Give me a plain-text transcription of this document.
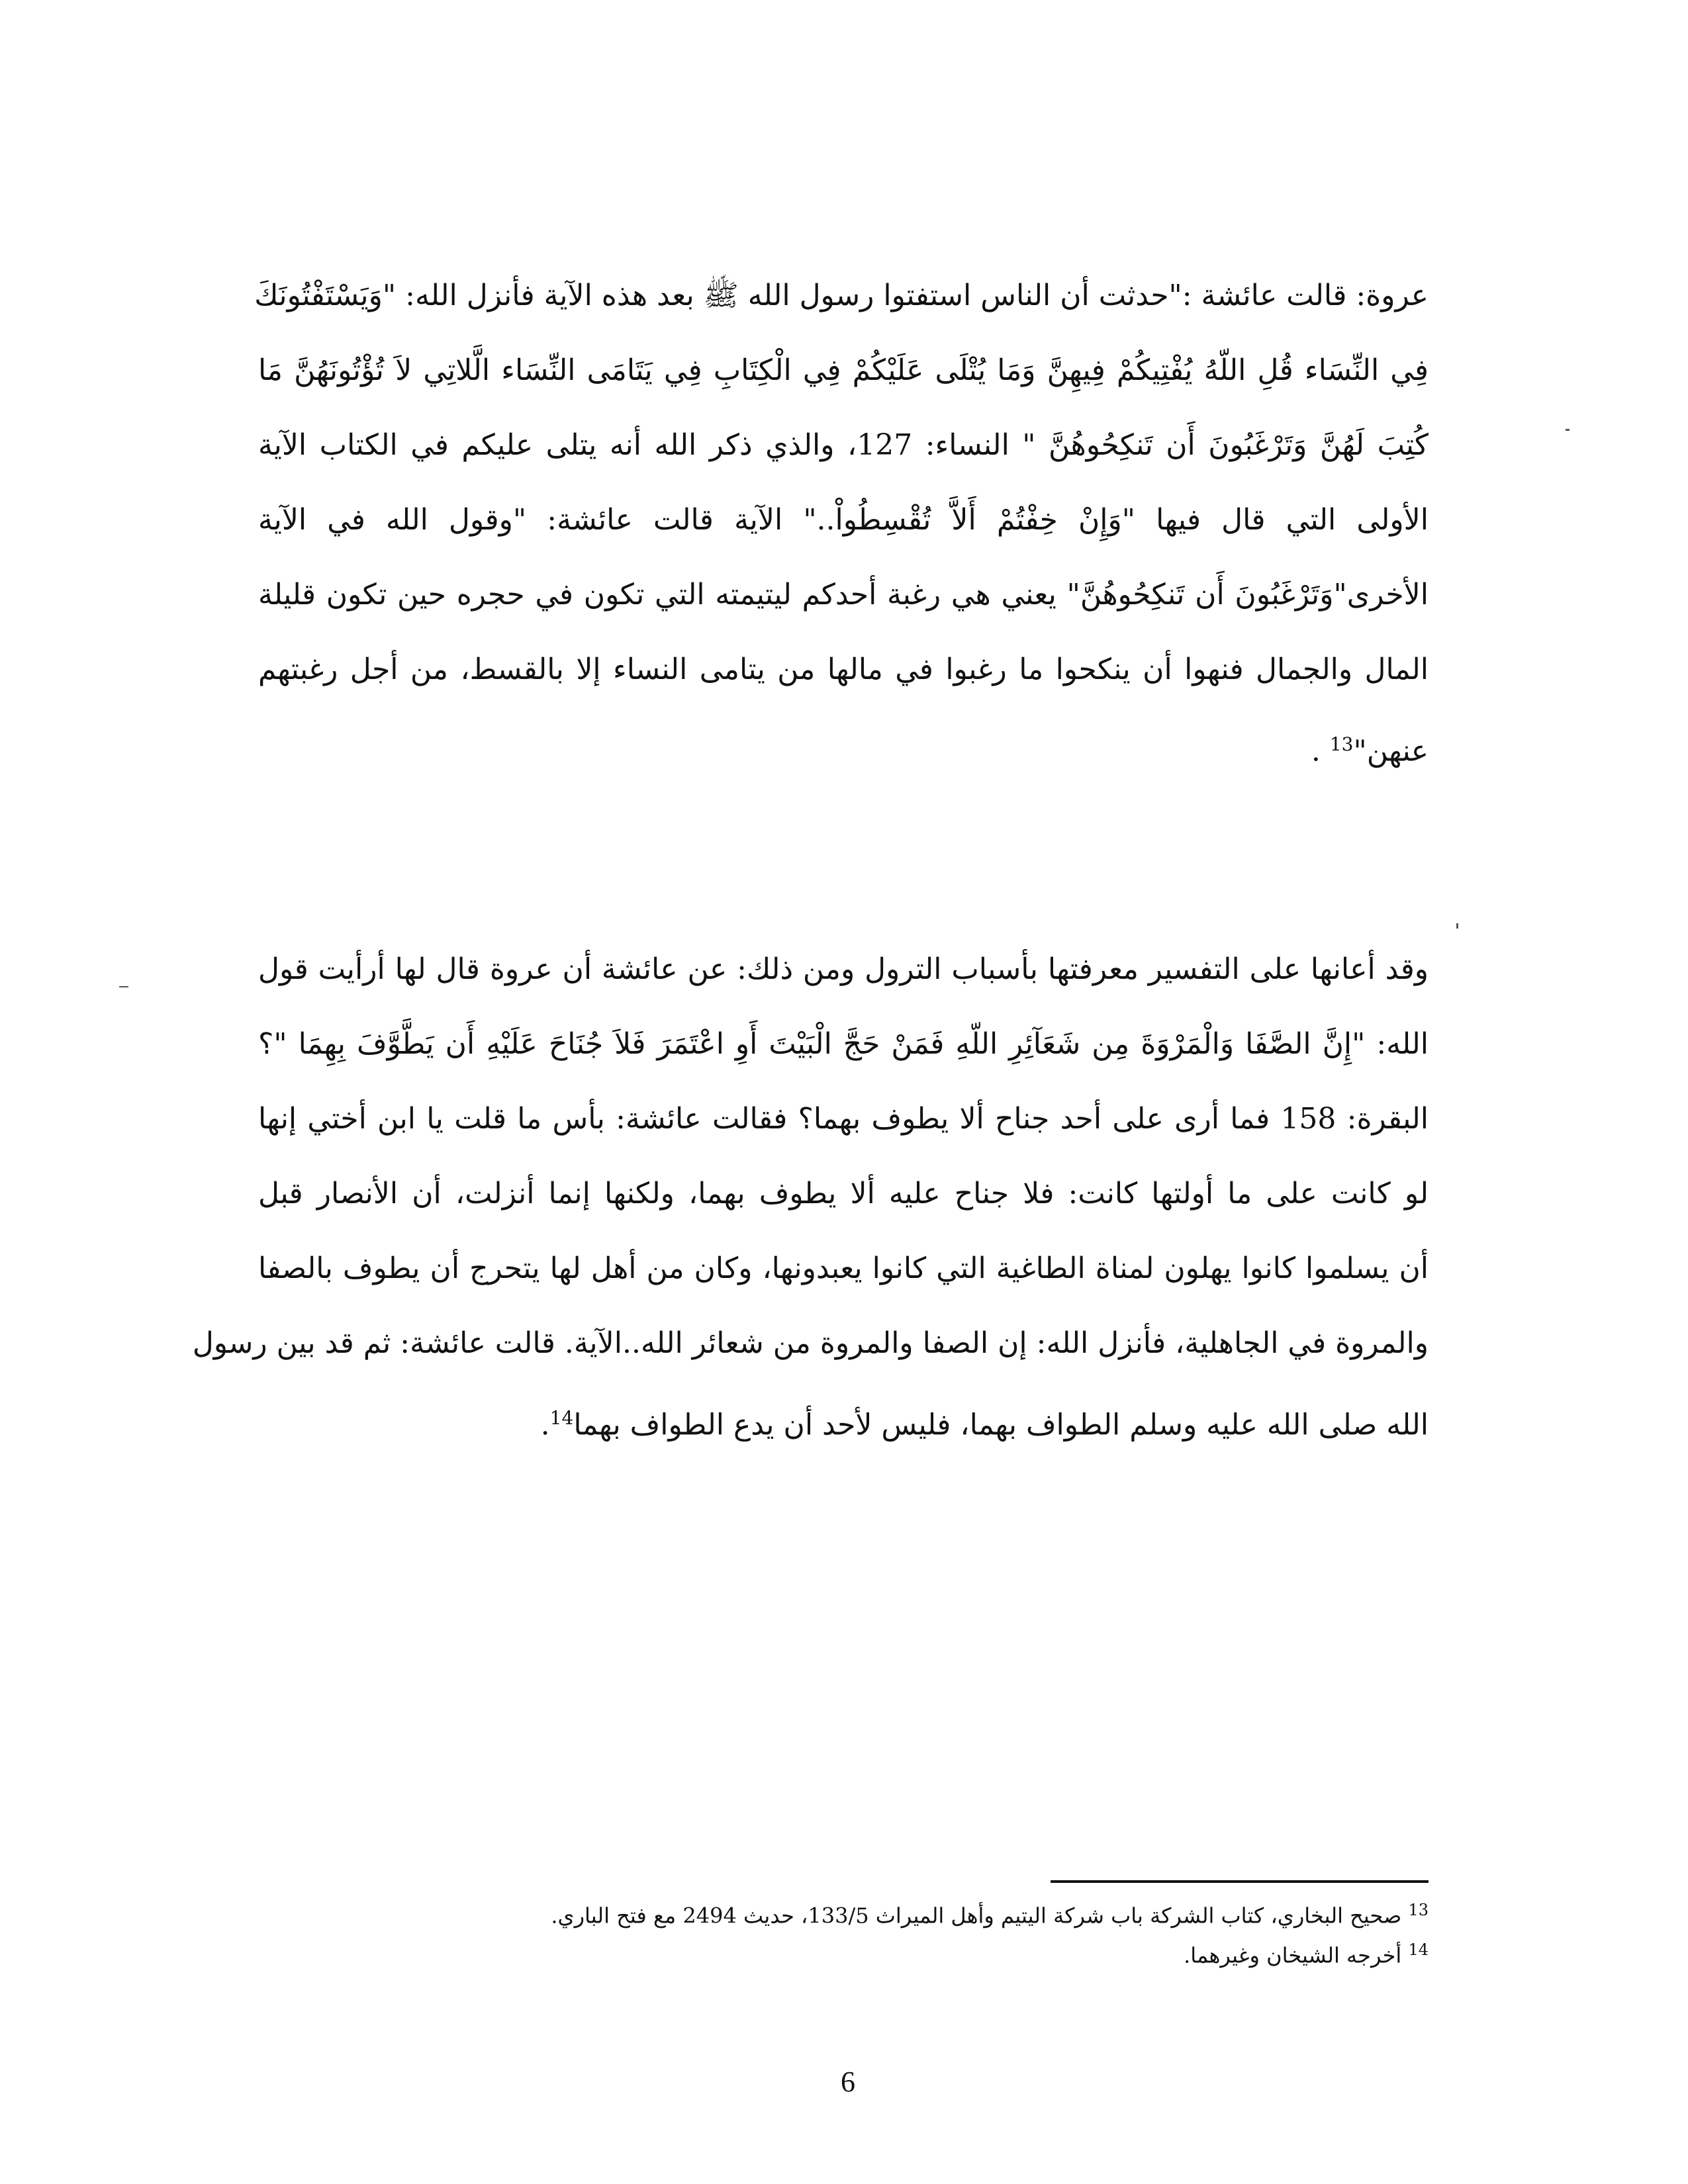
عروة: قالت عائشة :"حدثت أن الناس استفتوا رسول الله ﷺ بعد هذه الآية فأنزل الله: "وَيَسْتَفْتُونَكَ
فِي النِّسَاء قُلِ اللّهُ يُفْتِيكُمْ فِيهِنَّ وَمَا يُتْلَى عَلَيْكُمْ فِي الْكِتَابِ فِي يَتَامَى النِّسَاء الَّلاتِي لاَ تُؤْتُونَهُنَّ مَا
كُتِبَ لَهُنَّ وَتَرْغَبُونَ أَن تَنكِحُوهُنَّ " النساء: 127، والذي ذكر الله أنه يتلى عليكم في الكتاب الآية
الأولى التي قال فيها "وَإِنْ خِفْتُمْ أَلاَّ تُقْسِطُواْ.." الآية قالت عائشة: "وقول الله في الآية
الأخرى"وَتَرْغَبُونَ أَن تَنكِحُوهُنَّ" يعني هي رغبة أحدكم ليتيمته التي تكون في حجره حين تكون قليلة
المال والجمال فنهوا أن ينكحوا ما رغبوا في مالها من يتامى النساء إلا بالقسط، من أجل رغبتهم
عنهن"$^{13}$ .
وقد أعانها على التفسير معرفتها بأسباب الترول ومن ذلك: عن عائشة أن عروة قال لها أرأيت قول
الله: "إِنَّ الصَّفَا وَالْمَرْوَةَ مِن شَعَآئِرِ اللّهِ فَمَنْ حَجَّ الْبَيْتَ أَوِ اعْتَمَرَ فَلاَ جُنَاحَ عَلَيْهِ أَن يَطَّوَّفَ بِهِمَا "؟
البقرة: 158 فما أرى على أحد جناح ألا يطوف بهما؟ فقالت عائشة: بأس ما قلت يا ابن أختي إنها
لو كانت على ما أولتها كانت: فلا جناح عليه ألا يطوف بهما، ولكنها إنما أنزلت، أن الأنصار قبل
أن يسلموا كانوا يهلون لمناة الطاغية التي كانوا يعبدونها، وكان من أهل لها يتحرج أن يطوف بالصفا
والمروة في الجاهلية، فأنزل الله: إن الصفا والمروة من شعائر الله..الآية. قالت عائشة: ثم قد بين رسول
الله صلى الله عليه وسلم الطواف بهما، فليس لأحد أن يدع الطواف بهما$^{14}$.
$^{13}$ صحيح البخاري، كتاب الشركة باب شركة اليتيم وأهل الميراث 133/5، حديث 2494 مع فتح الباري.
$^{14}$ أخرجه الشيخان وغيرهما.
6
